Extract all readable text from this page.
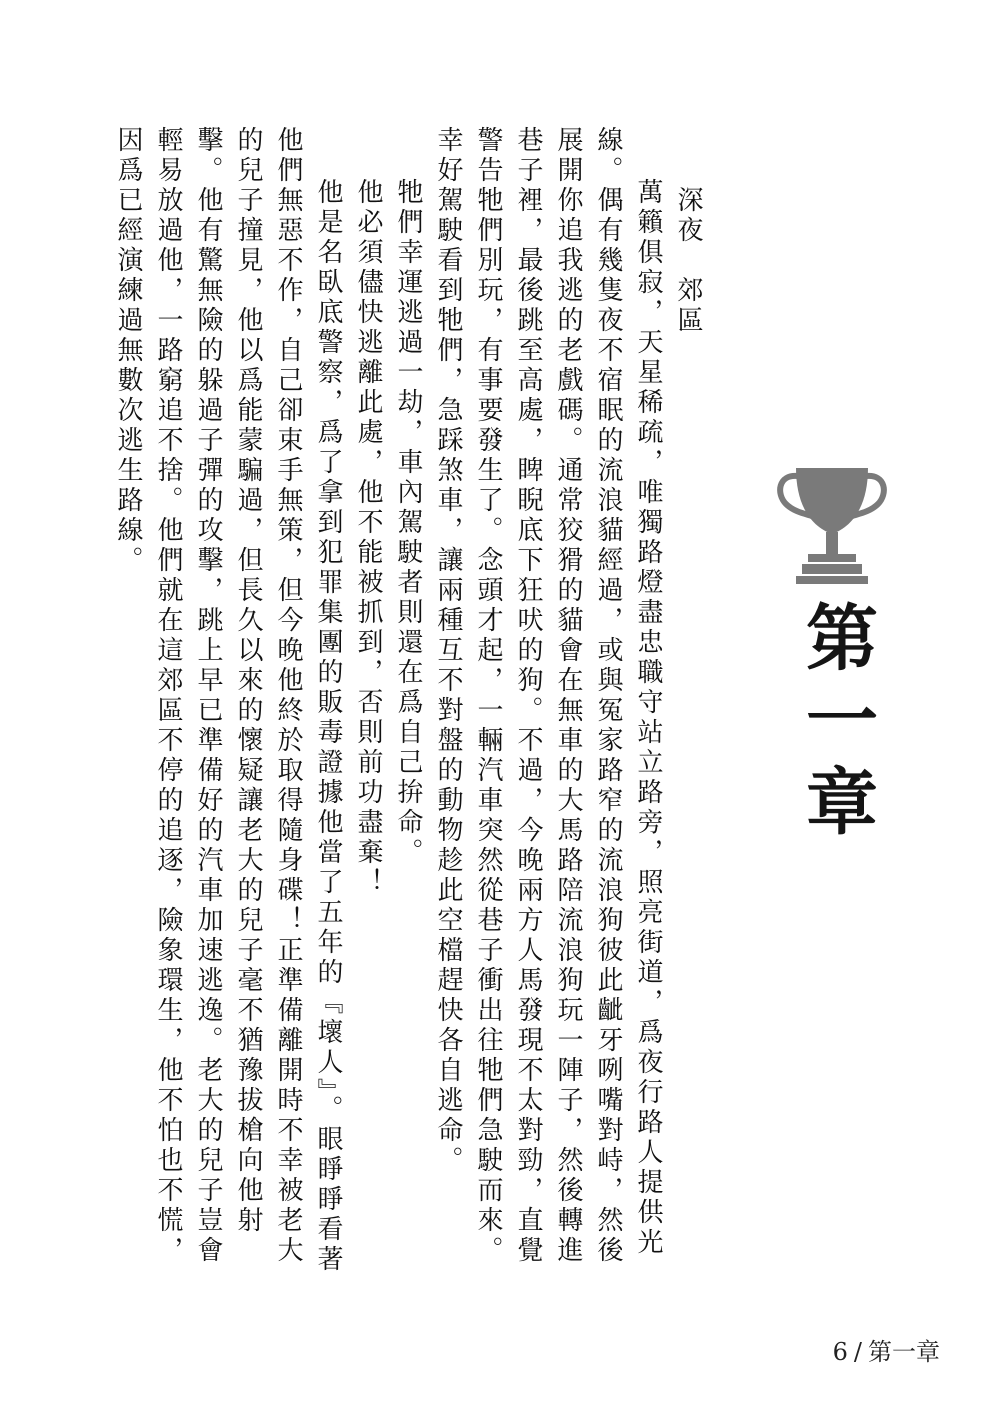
深夜　郊區

萬籟俱寂，天星稀疏，唯獨路燈盡忠職守站立路旁，照亮街道，爲夜行路人提供光線。偶有幾隻夜不宿眠的流浪貓經過，或與冤家路窄的流浪狗彼此齜牙咧嘴對峙，然後展開你追我逃的老戲碼。通常狡猾的貓會在無車的大馬路陪流浪狗玩一陣子，然後轉進巷子裡，最後跳至高處，睥睨底下狂吠的狗。不過，今晚兩方人馬發現不太對勁，直覺警告牠們別玩，有事要發生了。念頭才起，一輛汽車突然從巷子衝出往牠們急駛而來。幸好駕駛看到牠們，急踩煞車，讓兩種互不對盤的動物趁此空檔趕快各自逃命。

牠們幸運逃過一劫，車內駕駛者則還在爲自己拚命。

他必須儘快逃離此處，他不能被抓到，否則前功盡棄！

他是名臥底警察，爲了拿到犯罪集團的販毒證據他當了五年的『壞人』。眼睜睜看著他們無惡不作，自己卻束手無策，但今晚他終於取得隨身碟！正準備離開時不幸被老大的兒子撞見，他以爲能蒙騙過，但長久以來的懷疑讓老大的兒子毫不猶豫拔槍向他射擊。他有驚無險的躲過子彈的攻擊，跳上早已準備好的汽車加速逃逸。老大的兒子豈會輕易放過他，一路窮追不捨。他們就在這郊區不停的追逐，險象環生，他不怕也不慌，因爲已經演練過無數次逃生路線。

第一章
6 / 第一章
